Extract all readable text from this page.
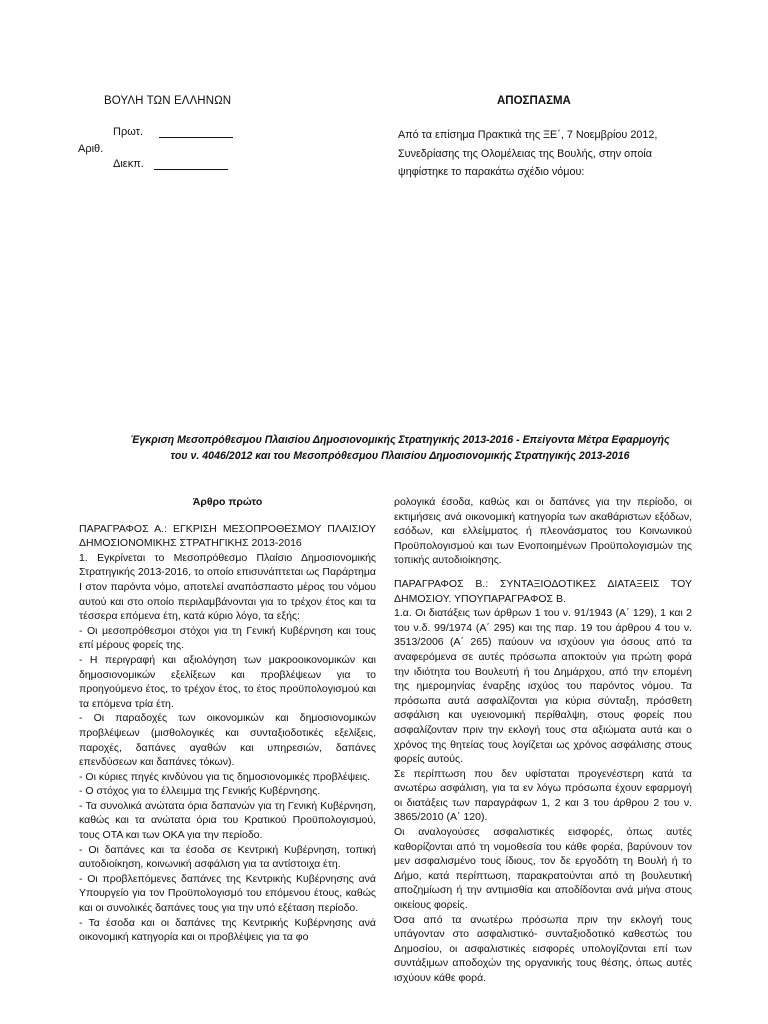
ΒΟΥΛΗ ΤΩΝ ΕΛΛΗΝΩΝ	ΑΠΟΣΠΑΣΜΑ
Πρωτ.
Αριθ.
Διεκπ.

Από τα επίσημα Πρακτικά της ΞΕ΄, 7 Νοεμβρίου 2012,

Συνεδρίασης της Ολομέλειας της Βουλής, στην οποία

ψηφίστηκε το παρακάτω σχέδιο νόμου:

Έγκριση Μεσοπρόθεσμου Πλαισίου Δημοσιονομικής Στρατηγικής 2013-2016 - Επείγοντα Μέτρα Εφαρμογής
του ν. 4046/2012 και του Μεσοπρόθεσμου Πλαισίου Δημοσιονομικής Στρατηγικής 2013-2016

Άρθρο πρώτο

ΠΑΡΑΓΡΑΦΟΣ Α.: ΕΓΚΡΙΣΗ ΜΕΣΟΠΡΟΘΕΣΜΟΥ ΠΛΑΙΣΙΟΥ ΔΗΜΟΣΙΟΝΟΜΙΚΗΣ ΣΤΡΑΤΗΓΙΚΗΣ 2013-2016

1. Εγκρίνεται το Μεσοπρόθεσμο Πλαίσιο Δημοσιονομικής Στρατηγικής 2013-2016, το οποίο επισυνάπτεται ως Παράρτημα Ι στον παρόντα νόμο, αποτελεί αναπόσπαστο μέρος του νόμου αυτού και στο οποίο περιλαμβάνονται για το τρέχον έτος και τα τέσσερα επόμενα έτη, κατά κύριο λόγο, τα εξής:

- Οι μεσοπρόθεσμοι στόχοι για τη Γενική Κυβέρνηση και τους επί μέρους φορείς της.

- Η περιγραφή και αξιολόγηση των μακροοικονομικών και δημοσιονομικών εξελίξεων και προβλέψεων για το προηγούμενο έτος, το τρέχον έτος, το έτος προϋπολογισμού και τα επόμενα τρία έτη.

- Οι παραδοχές των οικονομικών και δημοσιονομικών προβλέψεων (μισθολογικές και συνταξιοδοτικές εξελίξεις, παροχές, δαπάνες αγαθών και υπηρεσιών, δαπάνες επενδύσεων και δαπάνες τόκων).

- Οι κύριες πηγές κινδύνου για τις δημοσιονομικές προβλέψεις.

- Ο στόχος για το έλλειμμα της Γενικής Κυβέρνησης.

- Τα συνολικά ανώτατα όρια δαπανών για τη Γενική Κυβέρνηση, καθώς και τα ανώτατα όρια του Κρατικού Προϋπολογισμού, τους ΟΤΑ και των ΟΚΑ για την περίοδο.

- Οι δαπάνες και τα έσοδα σε Κεντρική Κυβέρνηση, τοπική αυτοδιοίκηση, κοινωνική ασφάλιση για τα αντίστοιχα έτη.

- Οι προβλεπόμενες δαπάνες της Κεντρικής Κυβέρνησης ανά Υπουργείο για τον Προϋπολογισμό του επόμενου έτους, καθώς και οι συνολικές δαπάνες τους για την υπό εξέταση περίοδο.

- Τα έσοδα και οι δαπάνες της Κεντρικής Κυβέρνησης ανά οικονομική κατηγορία και οι προβλέψεις για τα φο

ρολογικά έσοδα, καθώς και οι δαπάνες για την περίοδο, οι εκτιμήσεις ανά οικονομική κατηγορία των ακαθάριστων εξόδων, εσόδων, και ελλείμματος ή πλεονάσματος του Κοινωνικού Προϋπολογισμού και των Ενοποιημένων Προϋπολογισμών της τοπικής αυτοδιοίκησης.

ΠΑΡΑΓΡΑΦΟΣ Β.: ΣΥΝΤΑΞΙΟΔΟΤΙΚΕΣ ΔΙΑΤΑΞΕΙΣ ΤΟΥ ΔΗΜΟΣΙΟΥ. ΥΠΟΥΠΑΡΑΓΡΑΦΟΣ Β.

1.α. Οι διατάξεις των άρθρων 1 του ν. 91/1943 (Α΄ 129), 1 και 2 του ν.δ. 99/1974 (Α΄ 295) και της παρ. 19 του άρθρου 4 του ν. 3513/2006 (Α΄ 265) παύουν να ισχύουν για όσους από τα αναφερόμενα σε αυτές πρόσωπα αποκτούν για πρώτη φορά την ιδιότητα του Βουλευτή ή του Δημάρχου, από την επομένη της ημερομηνίας έναρξης ισχύος του παρόντος νόμου. Τα πρόσωπα αυτά ασφαλίζονται για κύρια σύνταξη, πρόσθετη ασφάλιση και υγειονομική περίθαλψη, στους φορείς που ασφαλίζονταν πριν την εκλογή τους στα αξιώματα αυτά και ο χρόνος της θητείας τους λογίζεται ως χρόνος ασφάλισης στους φορείς αυτούς.

Σε περίπτωση που δεν υφίσταται προγενέστερη κατά τα ανωτέρω ασφάλιση, για τα εν λόγω πρόσωπα έχουν εφαρμογή οι διατάξεις των παραγράφων 1, 2 και 3 του άρθρου 2 του ν. 3865/2010 (Α΄ 120).

Οι αναλογούσες ασφαλιστικές εισφορές, όπως αυτές καθορίζονται από τη νομοθεσία του κάθε φορέα, βαρύνουν τον μεν ασφαλισμένο τους ίδιους, τον δε εργοδότη τη Βουλή ή το Δήμο, κατά περίπτωση, παρακρατούνται από τη βουλευτική αποζημίωση ή την αντιμισθία και αποδίδονται ανά μήνα στους οικείους φορείς.

Όσα από τα ανωτέρω πρόσωπα πριν την εκλογή τους υπάγονταν στο ασφαλιστικό- συνταξιοδοτικό καθεστώς του Δημοσίου, οι ασφαλιστικές εισφορές υπολογίζονται επί των συντάξιμων αποδοχών της οργανικής τους θέσης, όπως αυτές ισχύουν κάθε φορά.
